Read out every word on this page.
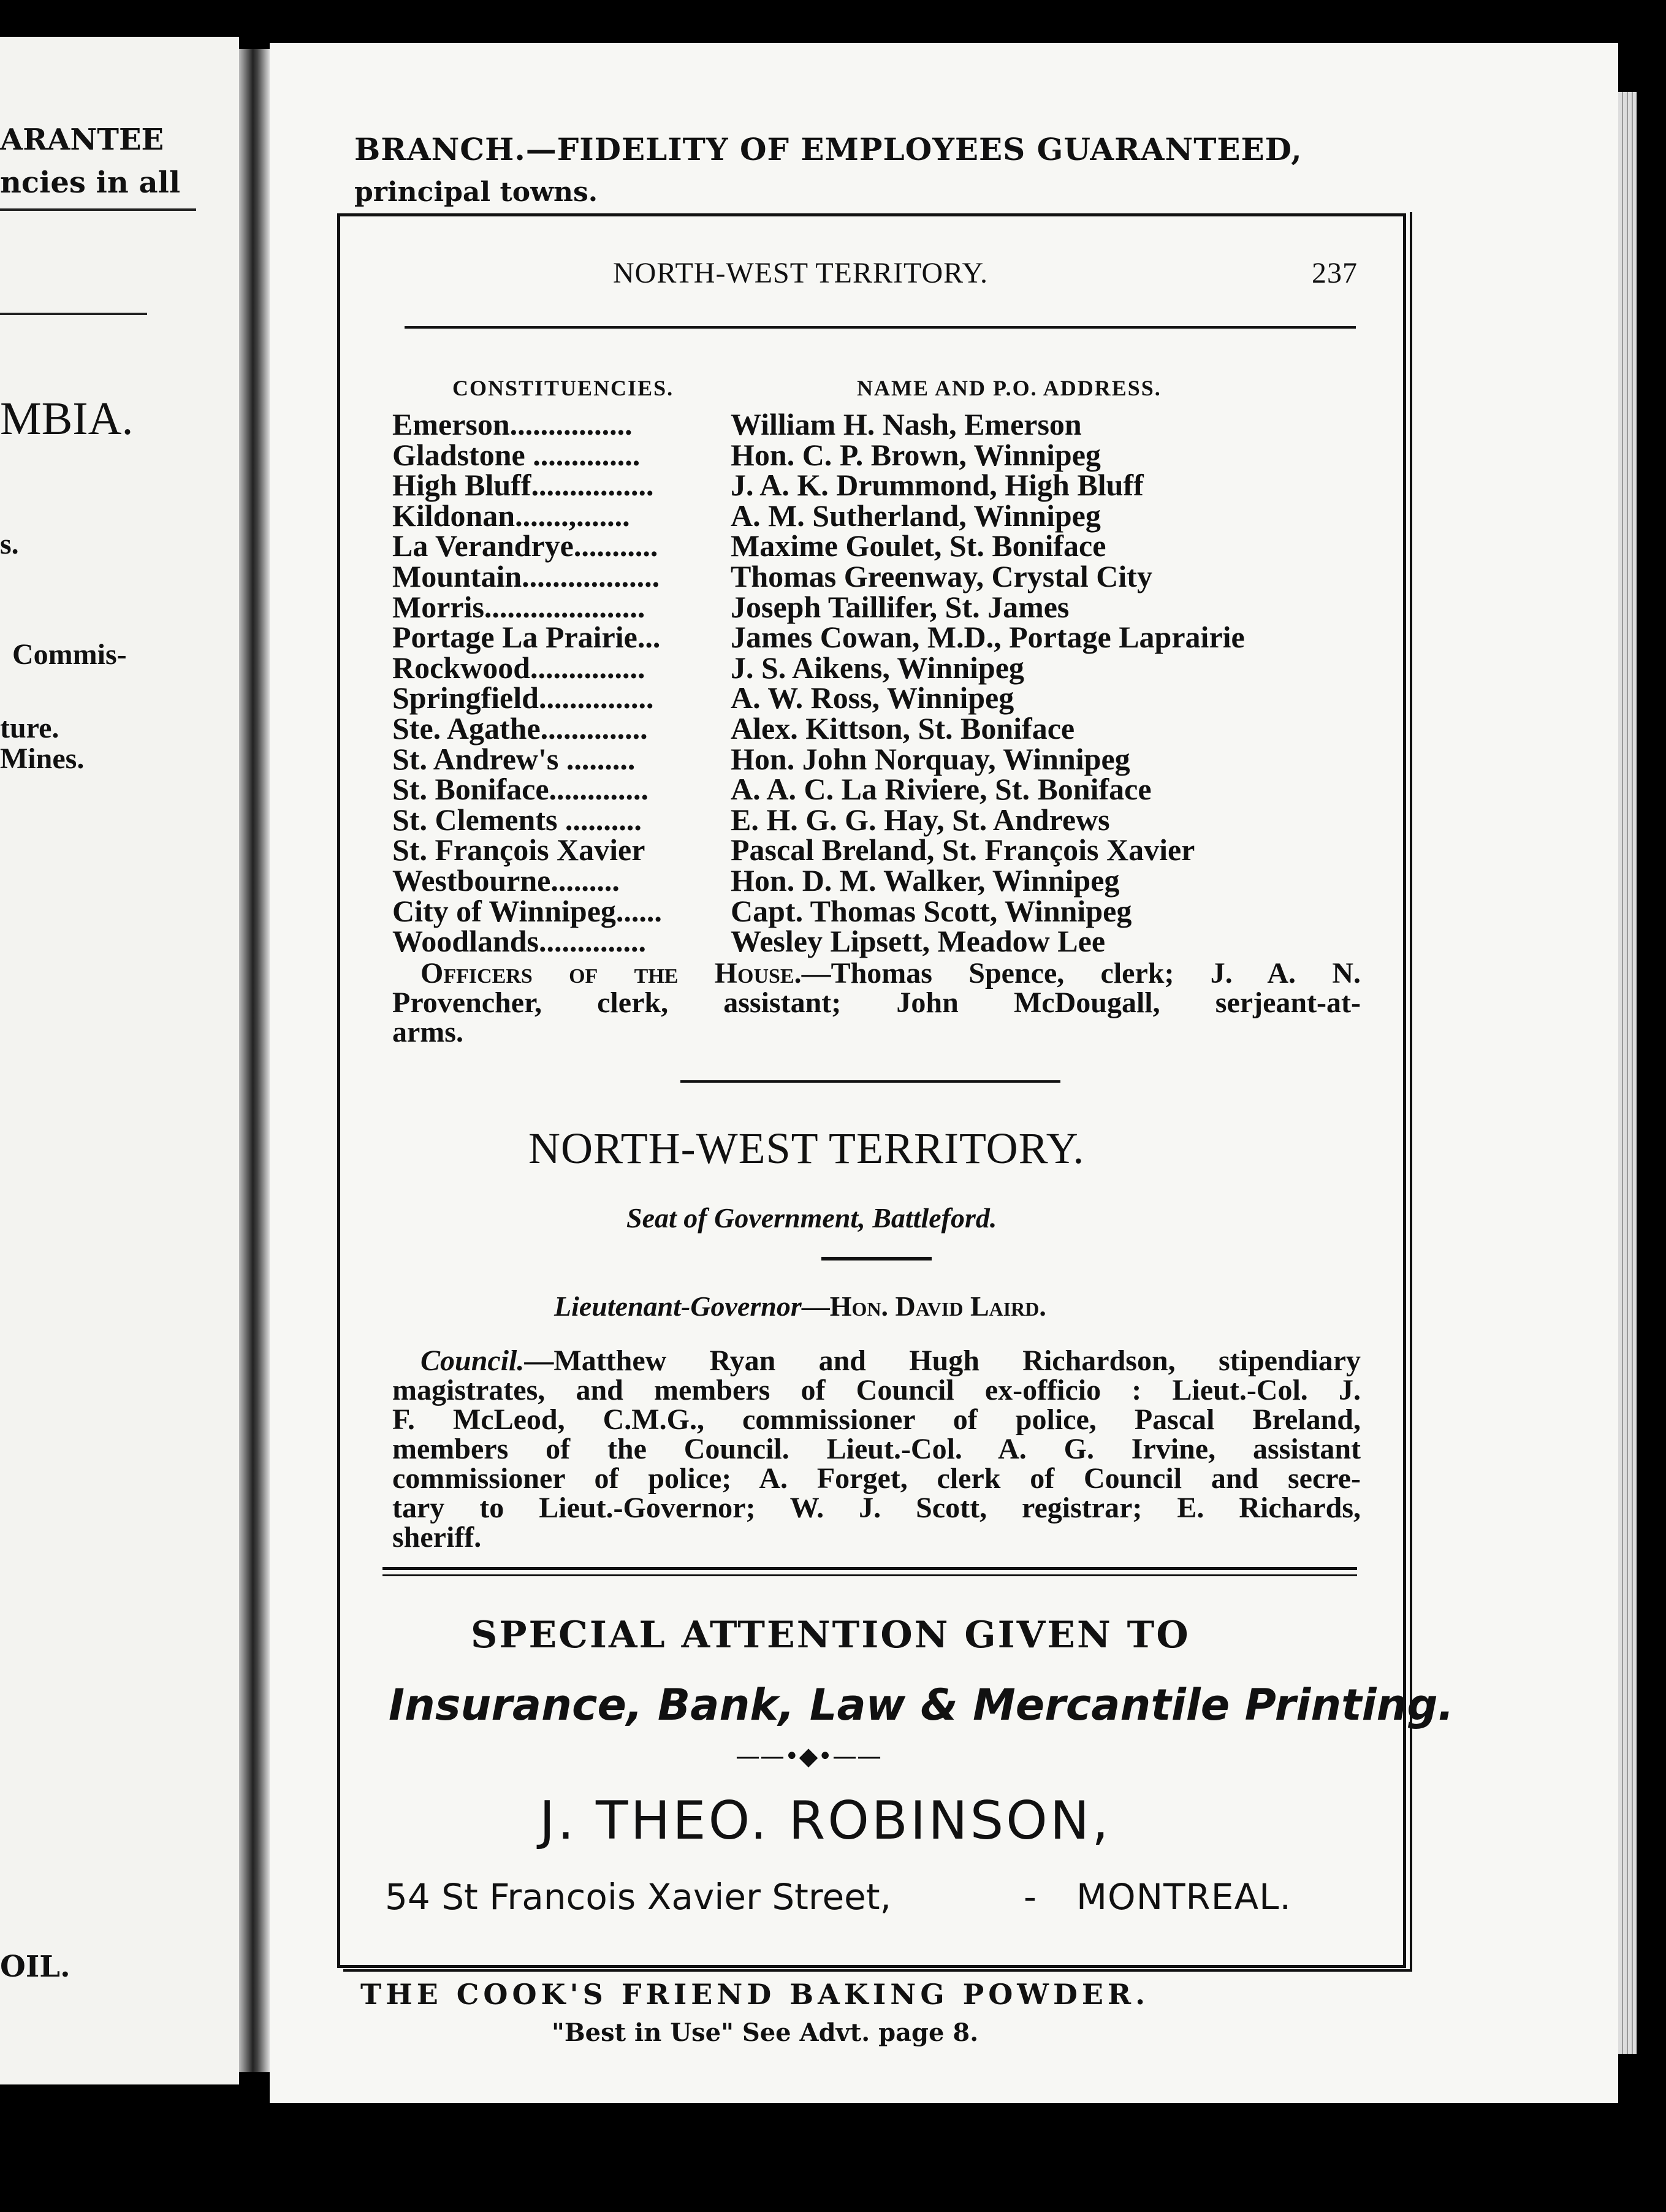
ARANTEE
ncies in all
MBIA.
s.
Commis-
ture.
Mines.
OIL.
BRANCH.—FIDELITY OF EMPLOYEES GUARANTEED,
principal towns.
NORTH-WEST TERRITORY.	237
CONSTITUENCIES.	NAME AND P.O. ADDRESS.
Emerson................	William H. Nash, Emerson
Gladstone ..............	Hon. C. P. Brown, Winnipeg
High Bluff................	J. A. K. Drummond, High Bluff
Kildonan.......,.......	A. M. Sutherland, Winnipeg
La Verandrye........... Maxime Goulet, St. Boniface
Mountain.................. Thomas Greenway, Crystal City
Morris.....................	Joseph Taillifer, St. James
Portage La Prairie... James Cowan, M.D., Portage Laprairie
Rockwood...............	J. S. Aikens, Winnipeg
Springfield...............	A. W. Ross, Winnipeg
Ste. Agathe..............	Alex. Kittson, St. Boniface
St. Andrew's .........	Hon. John Norquay, Winnipeg
St. Boniface.............	A. A. C. La Riviere, St. Boniface
St. Clements ..........	E. H. G. G. Hay, St. Andrews
St. François Xavier	Pascal Breland, St. François Xavier
Westbourne.........	Hon. D. M. Walker, Winnipeg
City of Winnipeg...... Capt. Thomas Scott, Winnipeg
Woodlands..............	Wesley Lipsett, Meadow Lee
Officers of the House.—Thomas Spence, clerk; J. A. N.
Provencher, clerk, assistant; John McDougall, serjeant-at-
arms.
NORTH-WEST TERRITORY.
Seat of Government, Battleford.
Lieutenant-Governor—Hon. David Laird.
Council.—Matthew Ryan and Hugh Richardson, stipendiary
magistrates, and members of Council ex-officio : Lieut.-Col. J.
F. McLeod, C.M.G., commissioner of police, Pascal Breland,
members of the Council. Lieut.-Col. A. G. Irvine, assistant
commissioner of police; A. Forget, clerk of Council and secre-
tary to Lieut.-Governor; W. J. Scott, registrar; E. Richards,
sheriff.
SPECIAL ATTENTION GIVEN TO
Insurance, Bank, Law & Mercantile Printing.
——•◆•——
J. THEO. ROBINSON,
54 St Francois Xavier Street,	- MONTREAL.
THE COOK'S FRIEND BAKING POWDER.
"Best in Use" See Advt. page 8.
